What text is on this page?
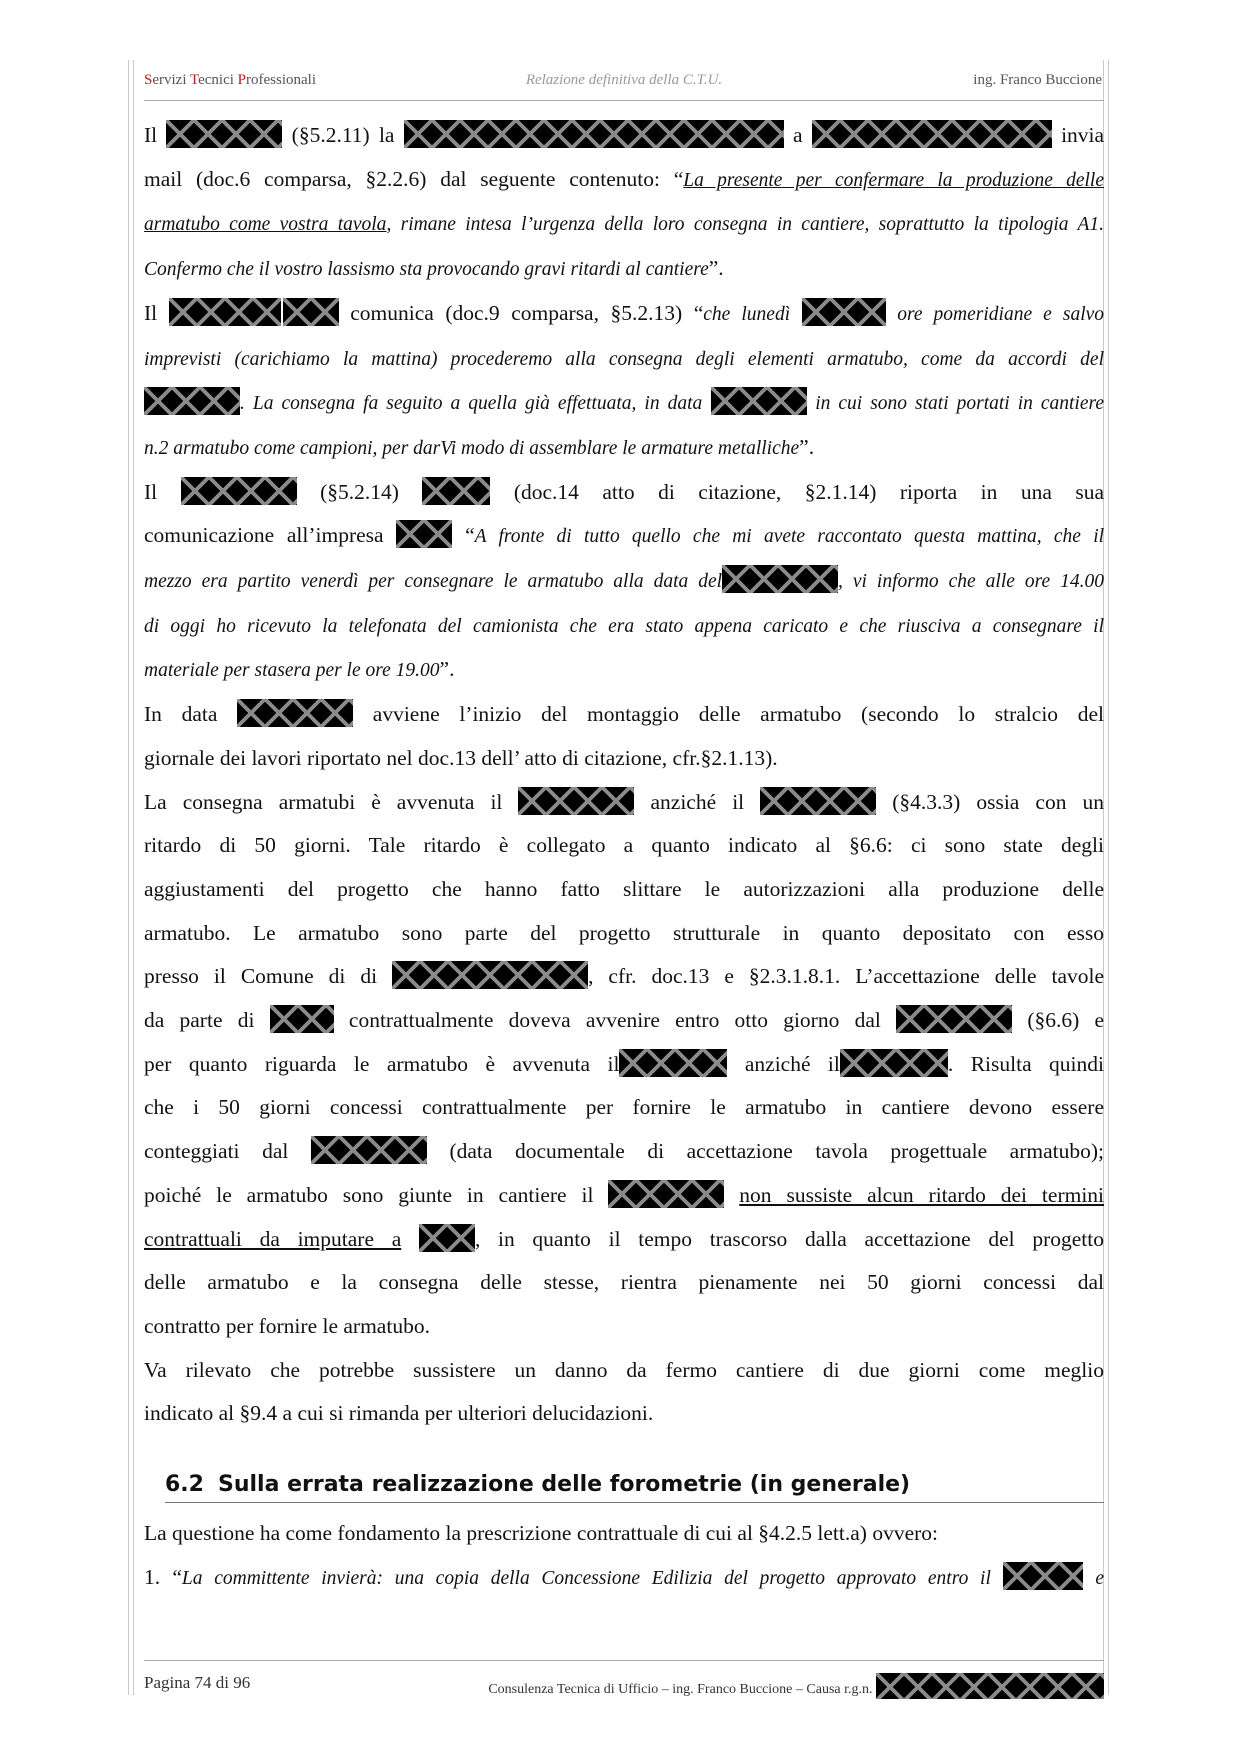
Servizi Tecnici Professionali	Relazione definitiva della C.T.U.	ing. Franco Buccione

Il	(§5.2.11) la	a	invia
mail (doc.6 comparsa, §2.2.6) dal seguente contenuto: “La presente per confermare la produzione delle
armatubo come vostra tavola, rimane intesa l’urgenza della loro consegna in cantiere, soprattutto la tipologia A1.
Confermo che il vostro lassismo sta provocando gravi ritardi al cantiere”.

Il	comunica (doc.9 comparsa, §5.2.13) “che lunedì	ore pomeridiane e salvo
imprevisti (carichiamo la mattina) procederemo alla consegna degli elementi armatubo, come da accordi del
. La consegna fa seguito a quella già effettuata, in data	in cui sono stati portati in cantiere
n.2 armatubo come campioni, per darVi modo di assemblare le armature metalliche”.

Il	(§5.2.14)	(doc.14 atto di citazione, §2.1.14) riporta in una sua
comunicazione all’impresa	“A fronte di tutto quello che mi avete raccontato questa mattina, che il
mezzo era partito venerdì per consegnare le armatubo alla data del	, vi informo che alle ore 14.00
di oggi ho ricevuto la telefonata del camionista che era stato appena caricato e che riusciva a consegnare il
materiale per stasera per le ore 19.00”.

In data	avviene l’inizio del montaggio delle armatubo (secondo lo stralcio del
giornale dei lavori riportato nel doc.13 dell’ atto di citazione, cfr.§2.1.13).

La consegna armatubi è avvenuta il	anziché il	(§4.3.3) ossia con un
ritardo di 50 giorni. Tale ritardo è collegato a quanto indicato al §6.6: ci sono state degli
aggiustamenti del progetto che hanno fatto slittare le autorizzazioni alla produzione delle
armatubo. Le armatubo sono parte del progetto strutturale in quanto depositato con esso
presso il Comune di di	, cfr. doc.13 e §2.3.1.8.1. L’accettazione delle tavole
da parte di	contrattualmente doveva avvenire entro otto giorno dal	(§6.6) e
per quanto riguarda le armatubo è avvenuta il	anziché il	. Risulta quindi
che i 50 giorni concessi contrattualmente per fornire le armatubo in cantiere devono essere
conteggiati dal	(data documentale di accettazione tavola progettuale armatubo);
poiché le armatubo sono giunte in cantiere il	non sussiste alcun ritardo dei termini
contrattuali da imputare a	, in quanto il tempo trascorso dalla accettazione del progetto
delle armatubo e la consegna delle stesse, rientra pienamente nei 50 giorni concessi dal
contratto per fornire le armatubo.

Va rilevato che potrebbe sussistere un danno da fermo cantiere di due giorni come meglio
indicato al §9.4 a cui si rimanda per ulteriori delucidazioni.

6.2 Sulla errata realizzazione delle forometrie (in generale)

La questione ha come fondamento la prescrizione contrattuale di cui al §4.2.5 lett.a) ovvero:

1. “La committente invierà: una copia della Concessione Edilizia del progetto approvato entro il	e

Pagina 74 di 96	Consulenza Tecnica di Ufficio – ing. Franco Buccione – Causa r.g.n.
